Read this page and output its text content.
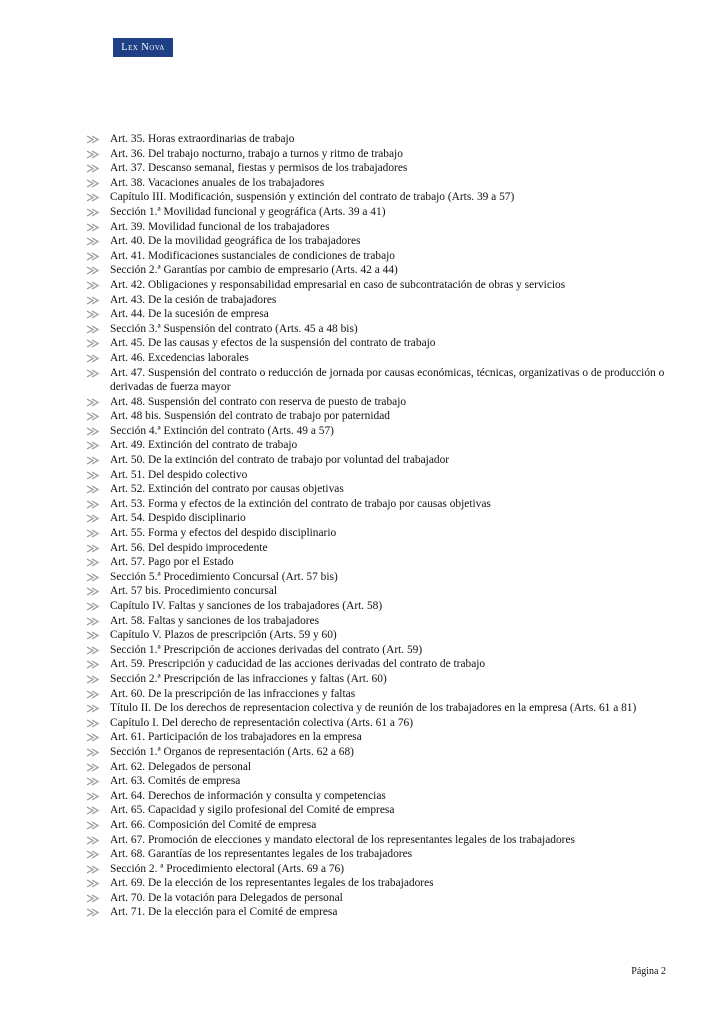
Lex Nova
Art. 35. Horas extraordinarias de trabajo
Art. 36. Del trabajo nocturno, trabajo a turnos y ritmo de trabajo
Art. 37. Descanso semanal, fiestas y permisos de los trabajadores
Art. 38. Vacaciones anuales de los trabajadores
Capítulo III. Modificación, suspensión y extinción del contrato de trabajo (Arts. 39 a 57)
Sección 1.ª Movilidad funcional y geográfica (Arts. 39 a 41)
Art. 39. Movilidad funcional de los trabajadores
Art. 40. De la movilidad geográfica de los trabajadores
Art. 41. Modificaciones sustanciales de condiciones de trabajo
Sección 2.ª Garantías por cambio de empresario (Arts. 42 a 44)
Art. 42. Obligaciones y responsabilidad empresarial en caso de subcontratación de obras y servicios
Art. 43. De la cesión de trabajadores
Art. 44. De la sucesión de empresa
Sección 3.ª Suspensión del contrato (Arts. 45 a 48 bis)
Art. 45. De las causas y efectos de la suspensión del contrato de trabajo
Art. 46. Excedencias laborales
Art. 47. Suspensión del contrato o reducción de jornada por causas económicas, técnicas, organizativas o de producción o derivadas de fuerza mayor
Art. 48. Suspensión del contrato con reserva de puesto de trabajo
Art. 48 bis. Suspensión del contrato de trabajo por paternidad
Sección 4.ª Extinción del contrato (Arts. 49 a 57)
Art. 49. Extinción del contrato de trabajo
Art. 50. De la extinción del contrato de trabajo por voluntad del trabajador
Art. 51. Del despido colectivo
Art. 52. Extinción del contrato por causas objetivas
Art. 53. Forma y efectos de la extinción del contrato de trabajo por causas objetivas
Art. 54. Despido disciplinario
Art. 55. Forma y efectos del despido disciplinario
Art. 56. Del despido improcedente
Art. 57. Pago por el Estado
Sección 5.ª Procedimiento Concursal (Art. 57 bis)
Art. 57 bis. Procedimiento concursal
Capítulo IV. Faltas y sanciones de los trabajadores (Art. 58)
Art. 58. Faltas y sanciones de los trabajadores
Capítulo V. Plazos de prescripción (Arts. 59 y 60)
Sección 1.ª Prescripción de acciones derivadas del contrato (Art. 59)
Art. 59. Prescripción y caducidad de las acciones derivadas del contrato de trabajo
Sección 2.ª Prescripción de las infracciones y faltas (Art. 60)
Art. 60. De la prescripción de las infracciones y faltas
Título II. De los derechos de representacion colectiva y de reunión de los trabajadores en la empresa (Arts. 61 a 81)
Capítulo I. Del derecho de representación colectiva (Arts. 61 a 76)
Art. 61. Participación de los trabajadores en la empresa
Sección 1.ª Organos de representación (Arts. 62 a 68)
Art. 62. Delegados de personal
Art. 63. Comités de empresa
Art. 64. Derechos de información y consulta y competencias
Art. 65. Capacidad y sigilo profesional del Comité de empresa
Art. 66. Composición del Comité de empresa
Art. 67. Promoción de elecciones y mandato electoral de los representantes legales de los trabajadores
Art. 68. Garantías de los representantes legales de los trabajadores
Sección 2. ª Procedimiento electoral (Arts. 69 a 76)
Art. 69. De la elección de los representantes legales de los trabajadores
Art. 70. De la votación para Delegados de personal
Art. 71. De la elección para el Comité de empresa
Página 2
